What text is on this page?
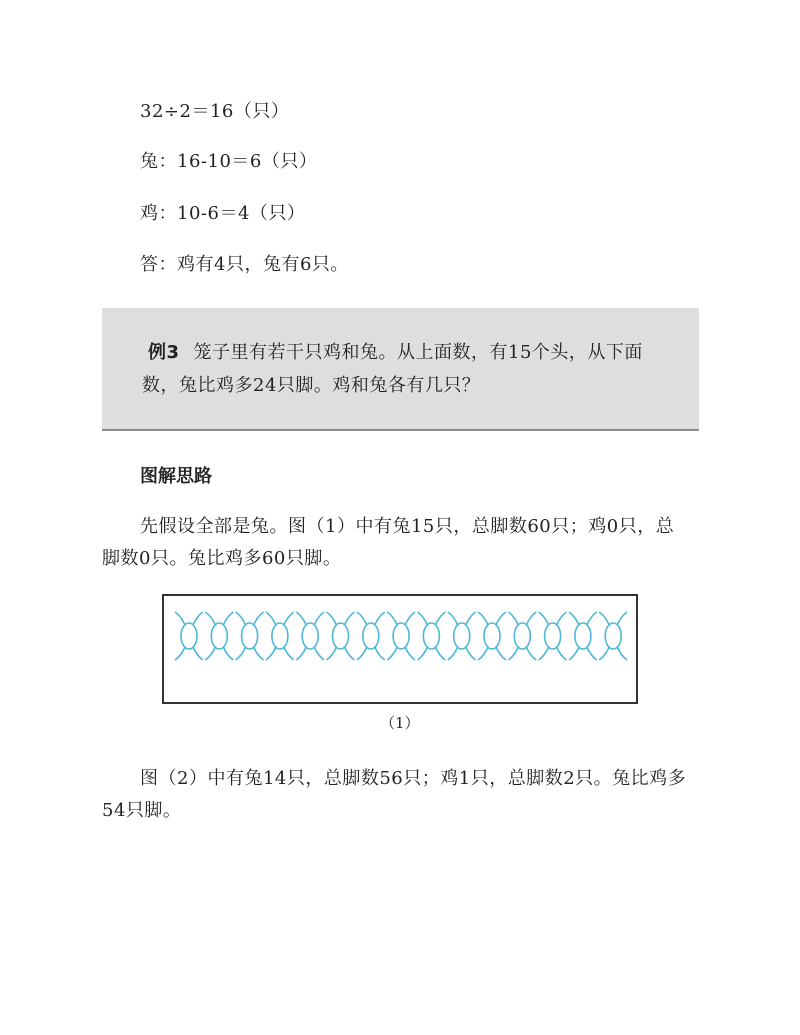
32÷2＝16（只）
兔：16-10＝6（只）
鸡：10-6＝4（只）
答：鸡有4只，兔有6只。
例3 笼子里有若干只鸡和兔。从上面数，有15个头，从下面
数，兔比鸡多24只脚。鸡和兔各有几只？
图解思路
先假设全部是兔。图（1）中有兔15只，总脚数60只；鸡0只，总
脚数0只。兔比鸡多60只脚。
（1）
图（2）中有兔14只，总脚数56只；鸡1只，总脚数2只。兔比鸡多
54只脚。
